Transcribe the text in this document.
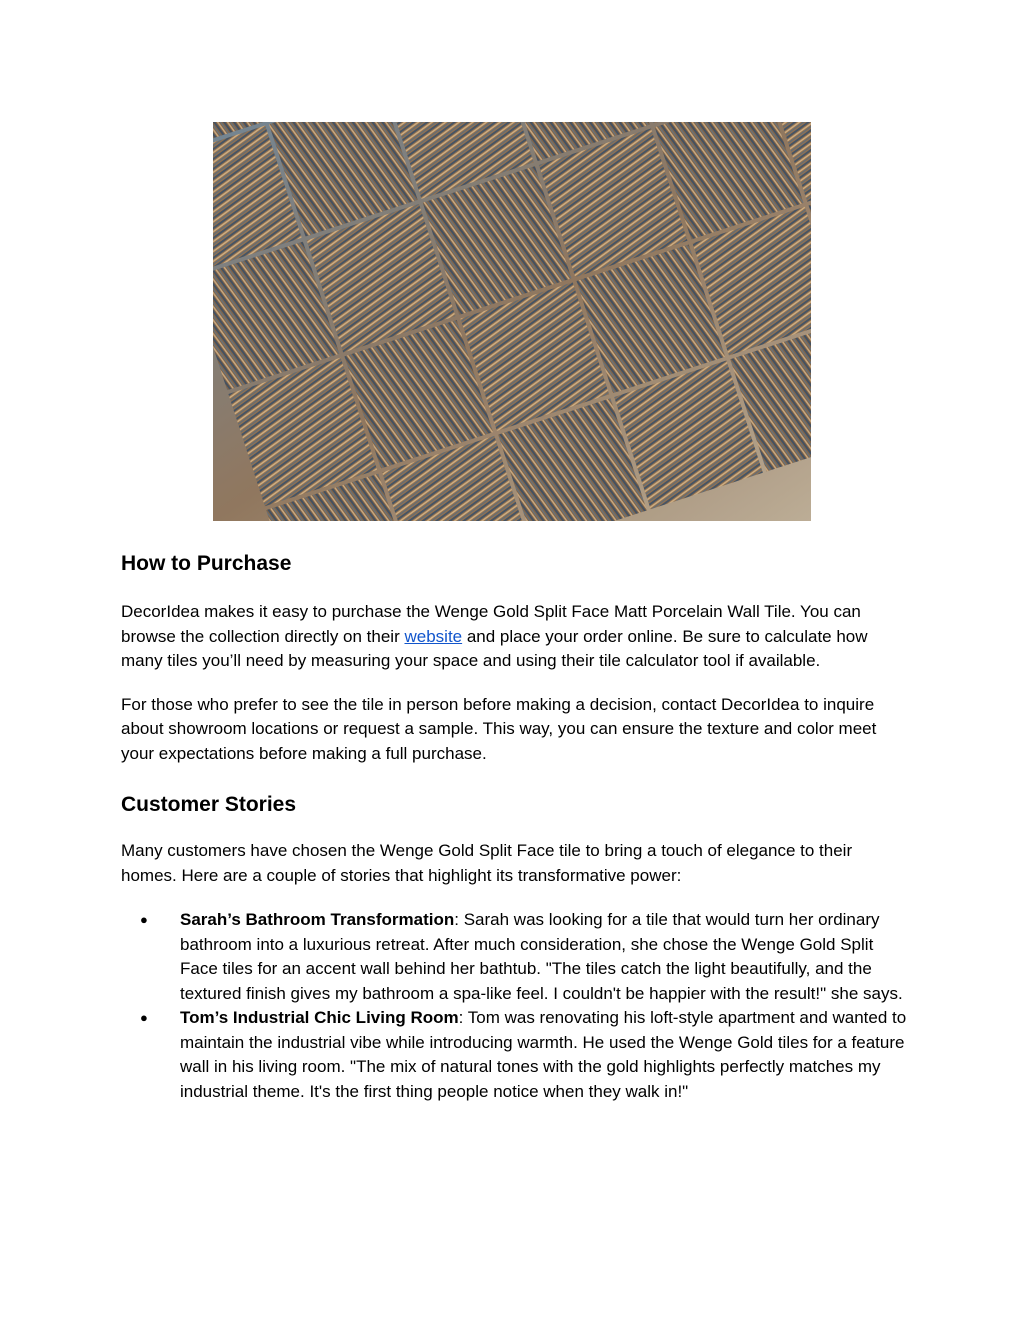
How to Purchase

DecorIdea makes it easy to purchase the Wenge Gold Split Face Matt Porcelain Wall Tile. You can browse the collection directly on their website and place your order online. Be sure to calculate how many tiles you’ll need by measuring your space and using their tile calculator tool if available.

For those who prefer to see the tile in person before making a decision, contact DecorIdea to inquire about showroom locations or request a sample. This way, you can ensure the texture and color meet your expectations before making a full purchase.

Customer Stories

Many customers have chosen the Wenge Gold Split Face tile to bring a touch of elegance to their homes. Here are a couple of stories that highlight its transformative power:

● Sarah’s Bathroom Transformation: Sarah was looking for a tile that would turn her ordinary bathroom into a luxurious retreat. After much consideration, she chose the Wenge Gold Split Face tiles for an accent wall behind her bathtub. "The tiles catch the light beautifully, and the textured finish gives my bathroom a spa-like feel. I couldn't be happier with the result!" she says.
● Tom’s Industrial Chic Living Room: Tom was renovating his loft-style apartment and wanted to maintain the industrial vibe while introducing warmth. He used the Wenge Gold tiles for a feature wall in his living room. "The mix of natural tones with the gold highlights perfectly matches my industrial theme. It's the first thing people notice when they walk in!"
